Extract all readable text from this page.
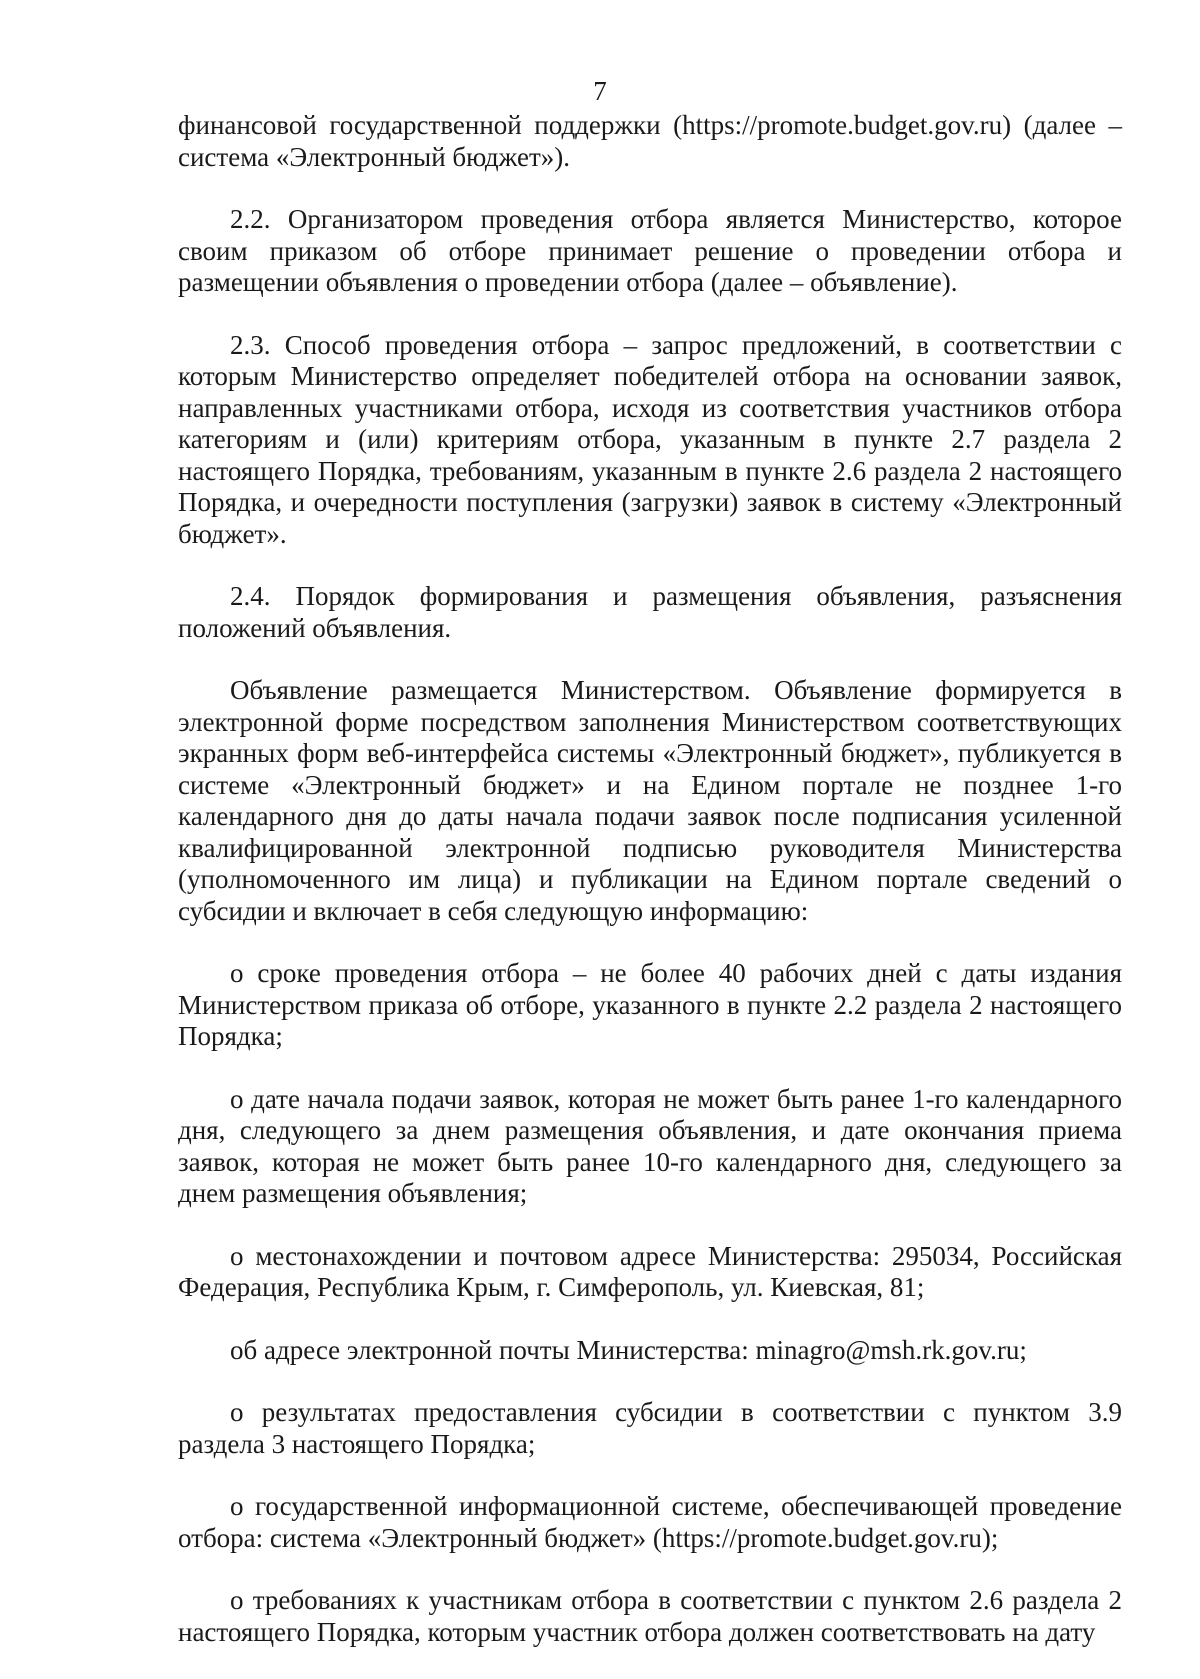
7

финансовой государственной поддержки (https://promote.budget.gov.ru) (далее – система «Электронный бюджет»).

2.2. Организатором проведения отбора является Министерство, которое своим приказом об отборе принимает решение о проведении отбора и размещении объявления о проведении отбора (далее – объявление).

2.3. Способ проведения отбора – запрос предложений, в соответствии с которым Министерство определяет победителей отбора на основании заявок, направленных участниками отбора, исходя из соответствия участников отбора категориям и (или) критериям отбора, указанным в пункте 2.7 раздела 2 настоящего Порядка, требованиям, указанным в пункте 2.6 раздела 2 настоящего Порядка, и очередности поступления (загрузки) заявок в систему «Электронный бюджет».

2.4. Порядок формирования и размещения объявления, разъяснения положений объявления.

Объявление размещается Министерством. Объявление формируется в электронной форме посредством заполнения Министерством соответствующих экранных форм веб-интерфейса системы «Электронный бюджет», публикуется в системе «Электронный бюджет» и на Едином портале не позднее 1-го календарного дня до даты начала подачи заявок после подписания усиленной квалифицированной электронной подписью руководителя Министерства (уполномоченного им лица) и публикации на Едином портале сведений о субсидии и включает в себя следующую информацию:

о сроке проведения отбора – не более 40 рабочих дней с даты издания Министерством приказа об отборе, указанного в пункте 2.2 раздела 2 настоящего Порядка;

о дате начала подачи заявок, которая не может быть ранее 1-го календарного дня, следующего за днем размещения объявления, и дате окончания приема заявок, которая не может быть ранее 10-го календарного дня, следующего за днем размещения объявления;

о местонахождении и почтовом адресе Министерства: 295034, Российская Федерация, Республика Крым, г. Симферополь, ул. Киевская, 81;

об адресе электронной почты Министерства: minagro@msh.rk.gov.ru;

о результатах предоставления субсидии в соответствии с пунктом 3.9 раздела 3 настоящего Порядка;

о государственной информационной системе, обеспечивающей проведение отбора: система «Электронный бюджет» (https://promote.budget.gov.ru);

о требованиях к участникам отбора в соответствии с пунктом 2.6 раздела 2 настоящего Порядка, которым участник отбора должен соответствовать на дату
